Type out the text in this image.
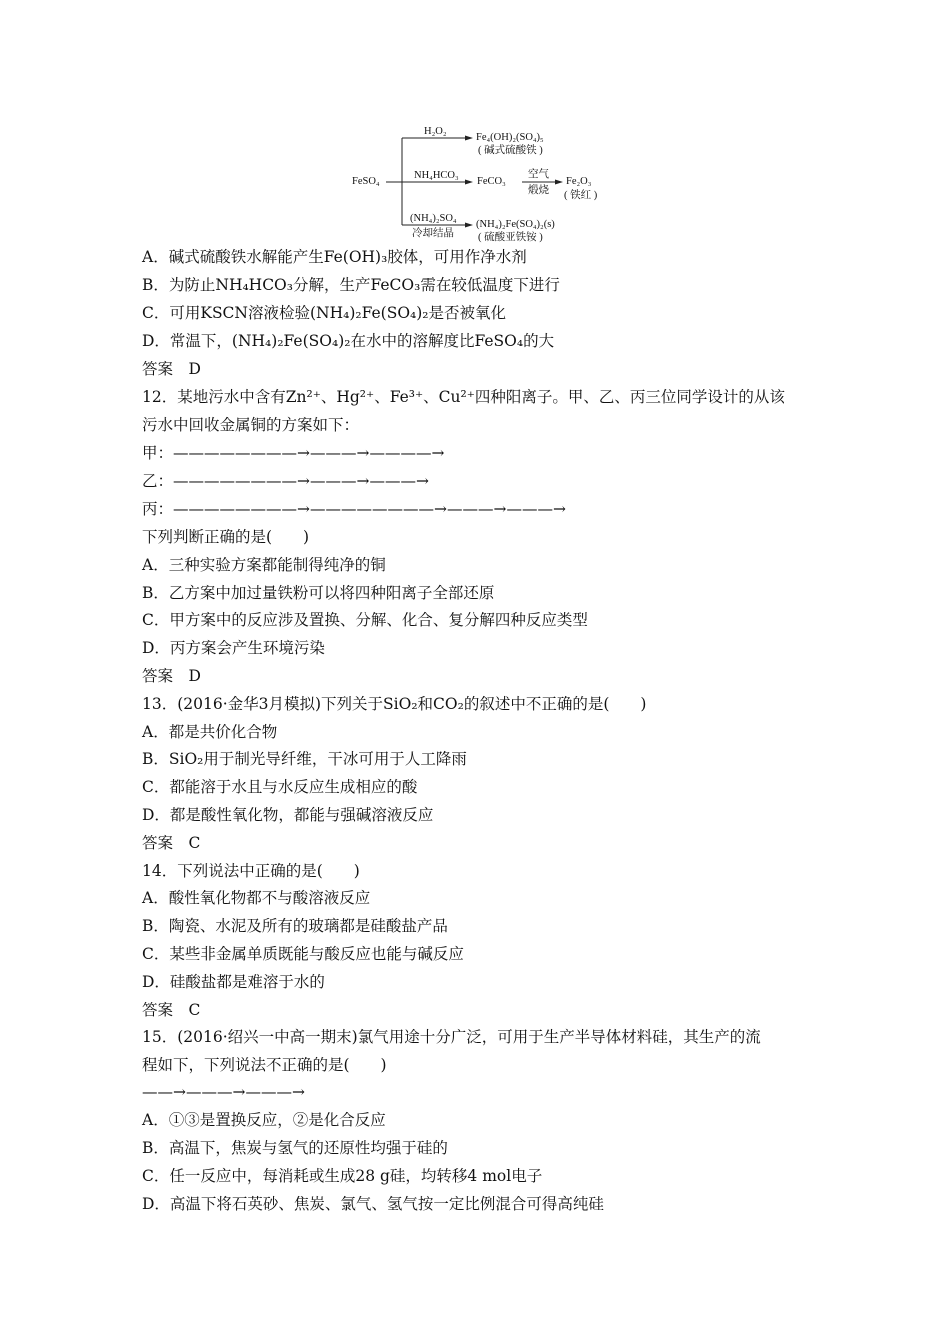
FeSO₄
H₂O₂
Fe₄(OH)₂(SO₄)₅
( 碱式硫酸铁 )
NH₄HCO₃
FeCO₃
空气
煅烧
Fe₂O₃
( 铁红 )
(NH₄)₂SO₄
冷却结晶
(NH₄)₂Fe(SO₄)₂(s)
( 硫酸亚铁铵 )
A．碱式硫酸铁水解能产生Fe(OH)₃胶体，可用作净水剂
B．为防止NH₄HCO₃分解，生产FeCO₃需在较低温度下进行
C．可用KSCN溶液检验(NH₄)₂Fe(SO₄)₂是否被氧化
D．常温下，(NH₄)₂Fe(SO₄)₂在水中的溶解度比FeSO₄的大
答案　D
12．某地污水中含有Zn²⁺、Hg²⁺、Fe³⁺、Cu²⁺四种阳离子。甲、乙、丙三位同学设计的从该
污水中回收金属铜的方案如下：
甲：————————→———→————→
乙：————————→———→———→
丙：————————→————————→———→———→
下列判断正确的是(　　)
A．三种实验方案都能制得纯净的铜
B．乙方案中加过量铁粉可以将四种阳离子全部还原
C．甲方案中的反应涉及置换、分解、化合、复分解四种反应类型
D．丙方案会产生环境污染
答案　D
13．(2016·金华3月模拟)下列关于SiO₂和CO₂的叙述中不正确的是(　　)
A．都是共价化合物
B．SiO₂用于制光导纤维，干冰可用于人工降雨
C．都能溶于水且与水反应生成相应的酸
D．都是酸性氧化物，都能与强碱溶液反应
答案　C
14．下列说法中正确的是(　　)
A．酸性氧化物都不与酸溶液反应
B．陶瓷、水泥及所有的玻璃都是硅酸盐产品
C．某些非金属单质既能与酸反应也能与碱反应
D．硅酸盐都是难溶于水的
答案　C
15．(2016·绍兴一中高一期末)氯气用途十分广泛，可用于生产半导体材料硅，其生产的流
程如下，下列说法不正确的是(　　)
——→———→———→
A．①③是置换反应，②是化合反应
B．高温下，焦炭与氢气的还原性均强于硅的
C．任一反应中，每消耗或生成28 g硅，均转移4 mol电子
D．高温下将石英砂、焦炭、氯气、氢气按一定比例混合可得高纯硅
